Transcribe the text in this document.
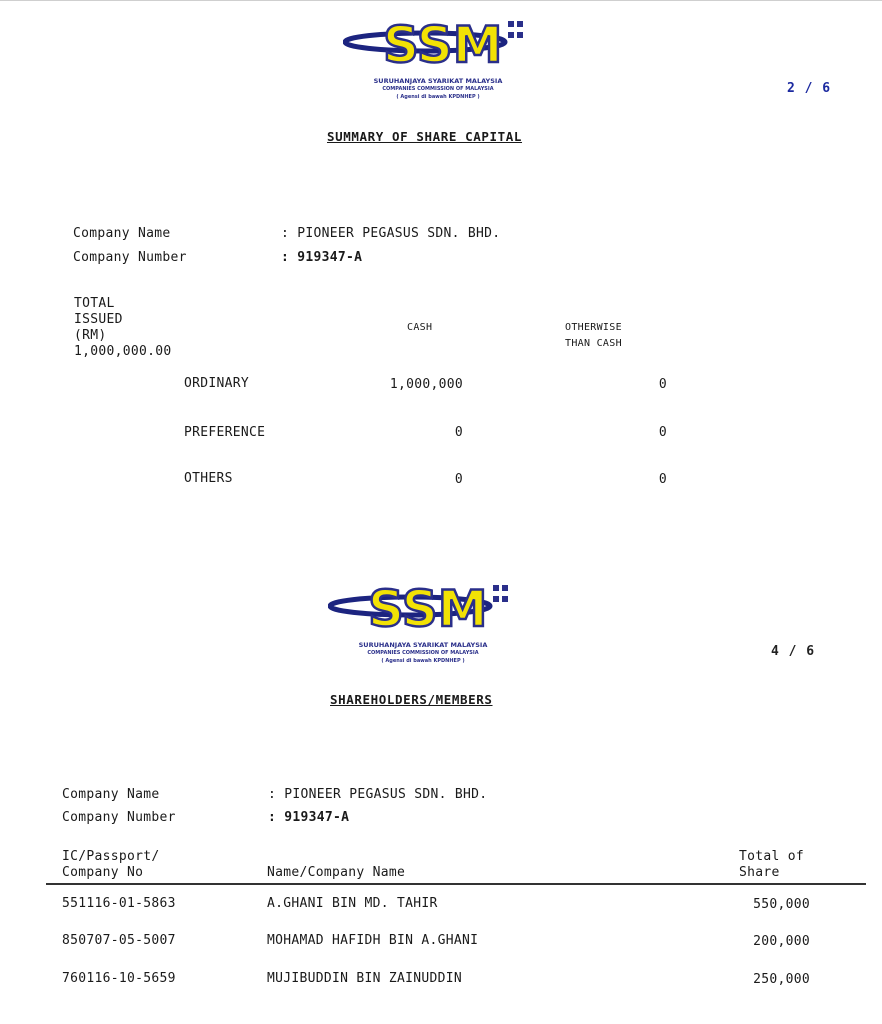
SSM
SURUHANJAYA SYARIKAT MALAYSIA
COMPANIES COMMISSION OF MALAYSIA
( Agensi di bawah KPDNHEP )
2 / 6
SUMMARY OF SHARE CAPITAL
Company Name	: PIONEER PEGASUS SDN. BHD.
Company Number	: 919347-A
TOTAL
ISSUED
(RM)
1,000,000.00
CASH	OTHERWISE
THAN CASH
ORDINARY	1,000,000	0
PREFERENCE	0	0
OTHERS	0	0
SSM
SURUHANJAYA SYARIKAT MALAYSIA
COMPANIES COMMISSION OF MALAYSIA
( Agensi di bawah KPDNHEP )
4 / 6
SHAREHOLDERS/MEMBERS
Company Name	: PIONEER PEGASUS SDN. BHD.
Company Number	: 919347-A
IC/Passport/
Company No	Name/Company Name
Total of
Share
551116-01-5863	A.GHANI BIN MD. TAHIR	550,000
850707-05-5007	MOHAMAD HAFIDH BIN A.GHANI	200,000
760116-10-5659	MUJIBUDDIN BIN ZAINUDDIN	250,000
